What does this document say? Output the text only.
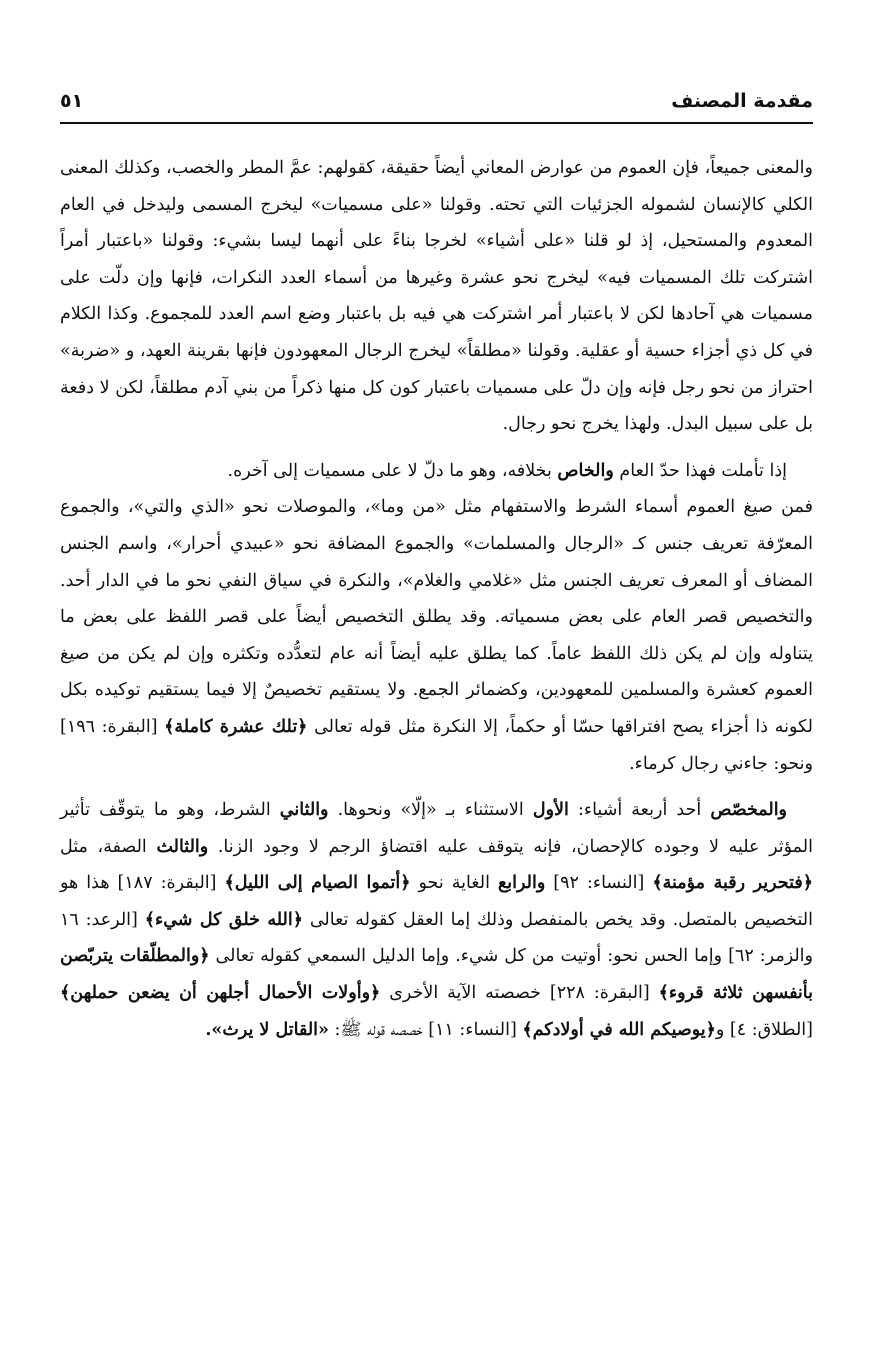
مقدمة المصنف
٥١

والمعنى جميعاً، فإن العموم من عوارض المعاني أيضاً حقيقة، كقولهم: عمَّ المطر والخصب، وكذلك المعنى الكلي كالإنسان لشموله الجزئيات التي تحته. وقولنا «على مسميات» ليخرج المسمى وليدخل في العام المعدوم والمستحيل، إذ لو قلنا «على أشياء» لخرجا بناءً على أنهما ليسا بشيء: وقولنا «باعتبار أمراً اشتركت تلك المسميات فيه» ليخرج نحو عشرة وغيرها من أسماء العدد النكرات، فإنها وإن دلّت على مسميات هي آحادها لكن لا باعتبار أمر اشتركت هي فيه بل باعتبار وضع اسم العدد للمجموع. وكذا الكلام في كل ذي أجزاء حسية أو عقلية. وقولنا «مطلقاً» ليخرج الرجال المعهودون فإنها بقرينة العهد، و «ضربة» احتراز من نحو رجل فإنه وإن دلّ على مسميات باعتبار كون كل منها ذكراً من بني آدم مطلقاً، لكن لا دفعة بل على سبيل البدل. ولهذا يخرج نحو رجال.

إذا تأملت فهذا حدّ العام والخاص بخلافه، وهو ما دلّ لا على مسميات إلى آخره.

فمن صيغ العموم أسماء الشرط والاستفهام مثل «من وما»، والموصلات نحو «الذي والتي»، والجموع المعرّفة تعريف جنس كـ «الرجال والمسلمات» والجموع المضافة نحو «عبيدي أحرار»، واسم الجنس المضاف أو المعرف تعريف الجنس مثل «غلامي والغلام»، والنكرة في سياق النفي نحو ما في الدار أحد. والتخصيص قصر العام على بعض مسمياته. وقد يطلق التخصيص أيضاً على قصر اللفظ على بعض ما يتناوله وإن لم يكن ذلك اللفظ عاماً. كما يطلق عليه أيضاً أنه عام لتعدُّده وتكثره وإن لم يكن من صيغ العموم كعشرة والمسلمين للمعهودين، وكضمائر الجمع. ولا يستقيم تخصيصٌ إلا فيما يستقيم توكيده بكل لكونه ذا أجزاء يصح افتراقها حسّا أو حكماً، إلا النكرة مثل قوله تعالى ﴿تلك عشرة كاملة﴾ [البقرة: ١٩٦] ونحو: جاءني رجال كرماء.

والمخصّص أحد أربعة أشياء: الأول الاستثناء بـ «إلّا» ونحوها. والثاني الشرط، وهو ما يتوقّف تأثير المؤثر عليه لا وجوده كالإحصان، فإنه يتوقف عليه اقتضاؤ الرجم لا وجود الزنا. والثالث الصفة، مثل ﴿فتحرير رقبة مؤمنة﴾ [النساء: ٩٢] والرابع الغاية نحو ﴿أتموا الصيام إلى الليل﴾ [البقرة: ١٨٧] هذا هو التخصيص بالمتصل. وقد يخص بالمنفصل وذلك إما العقل كقوله تعالى ﴿الله خلق كل شيء﴾ [الرعد: ١٦ والزمر: ٦٢] وإما الحس نحو: أوتيت من كل شيء. وإما الدليل السمعي كقوله تعالى ﴿والمطلّقات يتربّصن بأنفسهن ثلاثة قروء﴾ [البقرة: ٢٢٨] خصصته الآية الأخرى ﴿وأولات الأحمال أجلهن أن يضعن حملهن﴾ [الطلاق: ٤] و﴿يوصيكم الله في أولادكم﴾ [النساء: ١١] خصصه قوله ﷺ: «القاتل لا يرث».
